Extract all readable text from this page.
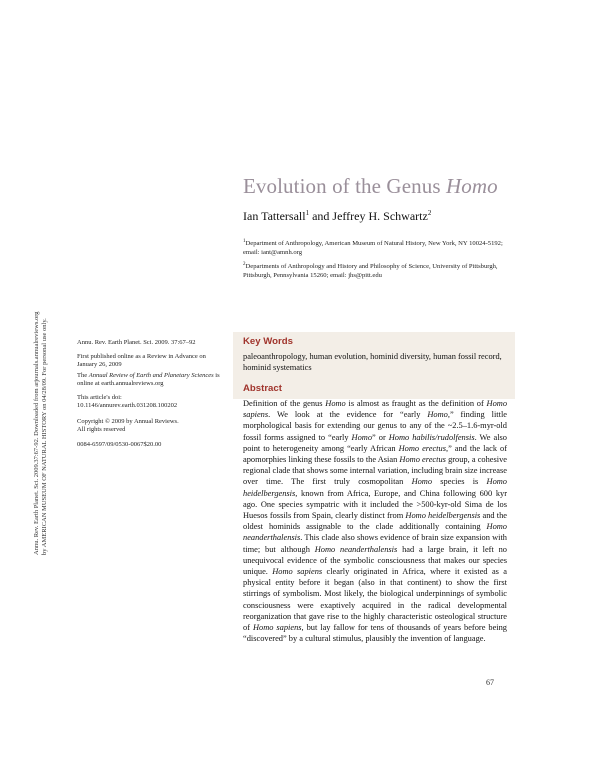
Annu. Rev. Earth Planet. Sci. 2009.37:67-92. Downloaded from arjournals.annualreviews.org by AMERICAN MUSEUM OF NATURAL HISTORY on 04/28/09. For personal use only.
Evolution of the Genus Homo
Ian Tattersall$^1$ and Jeffrey H. Schwartz$^2$
$^1$Department of Anthropology, American Museum of Natural History, New York, NY 10024-5192; email: iant@amnh.org
$^2$Departments of Anthropology and History and Philosophy of Science, University of Pittsburgh, Pittsburgh, Pennsylvania 15260; email: jhs@pitt.edu
Annu. Rev. Earth Planet. Sci. 2009. 37:67–92
First published online as a Review in Advance on January 26, 2009
The Annual Review of Earth and Planetary Sciences is online at earth.annualreviews.org
This article's doi:
10.1146/annurev.earth.031208.100202
Copyright © 2009 by Annual Reviews.
All rights reserved
0084-6597/09/0530-0067$20.00
Key Words
paleoanthropology, human evolution, hominid diversity, human fossil record, hominid systematics
Abstract
Definition of the genus Homo is almost as fraught as the definition of Homo sapiens. We look at the evidence for “early Homo,” finding little morphological basis for extending our genus to any of the ~2.5–1.6-myr-old fossil forms assigned to “early Homo” or Homo habilis/rudolfensis. We also point to heterogeneity among “early African Homo erectus,” and the lack of apomorphies linking these fossils to the Asian Homo erectus group, a cohesive regional clade that shows some internal variation, including brain size increase over time. The first truly cosmopolitan Homo species is Homo heidelbergensis, known from Africa, Europe, and China following 600 kyr ago. One species sympatric with it included the >500-kyr-old Sima de los Huesos fossils from Spain, clearly distinct from Homo heidelbergensis and the oldest hominids assignable to the clade additionally containing Homo neanderthalensis. This clade also shows evidence of brain size expansion with time; but although Homo neanderthalensis had a large brain, it left no unequivocal evidence of the symbolic consciousness that makes our species unique. Homo sapiens clearly originated in Africa, where it existed as a physical entity before it began (also in that continent) to show the first stirrings of symbolism. Most likely, the biological underpinnings of symbolic consciousness were exaptively acquired in the radical developmental reorganization that gave rise to the highly characteristic osteological structure of Homo sapiens, but lay fallow for tens of thousands of years before being “discovered” by a cultural stimulus, plausibly the invention of language.
67
